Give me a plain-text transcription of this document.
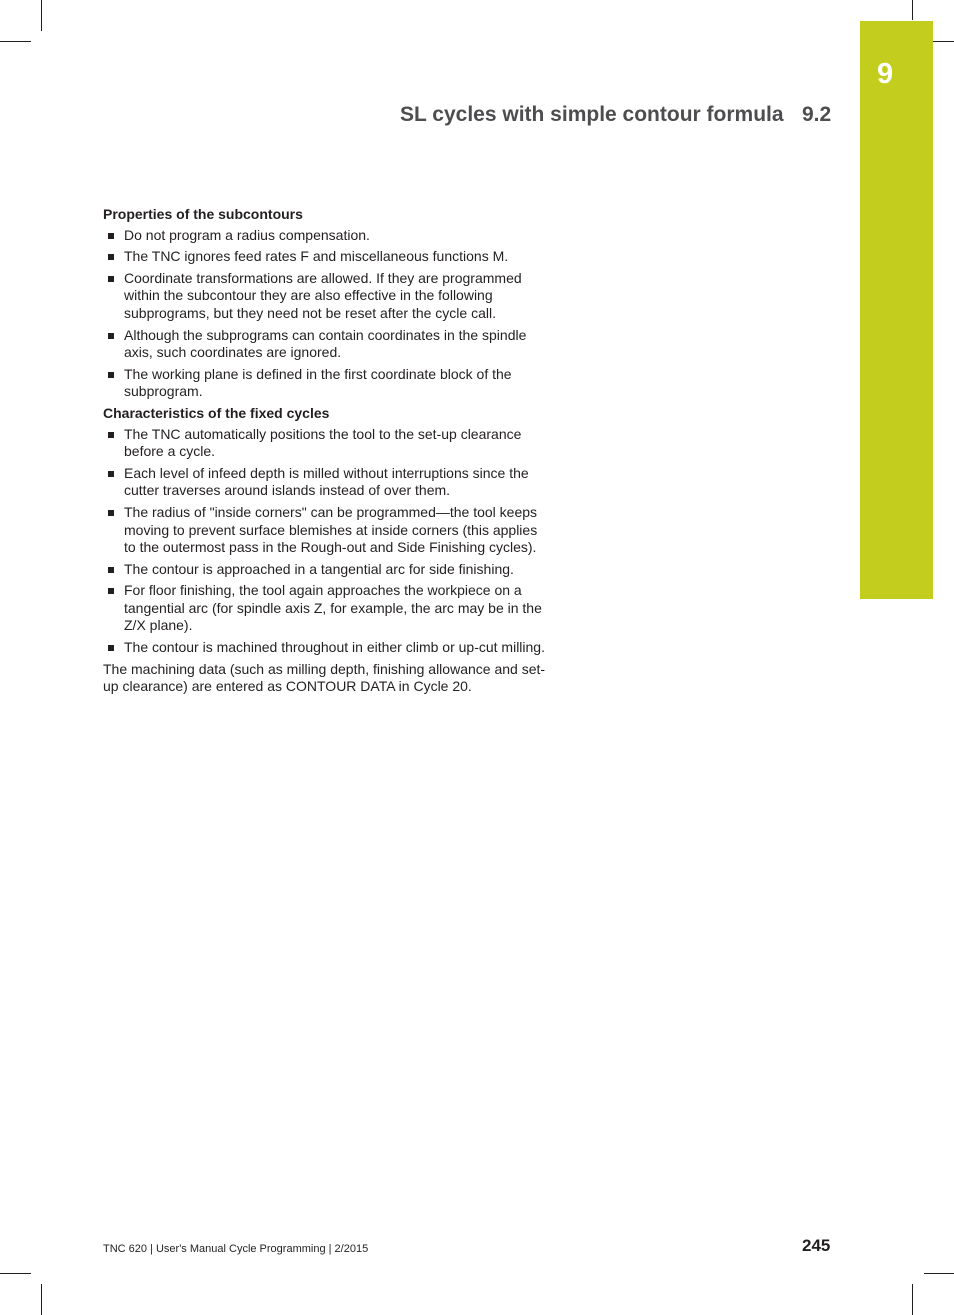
9
SL cycles with simple contour formula 9.2
Properties of the subcontours
Do not program a radius compensation.
The TNC ignores feed rates F and miscellaneous functions M.
Coordinate transformations are allowed. If they are programmed within the subcontour they are also effective in the following subprograms, but they need not be reset after the cycle call.
Although the subprograms can contain coordinates in the spindle axis, such coordinates are ignored.
The working plane is defined in the first coordinate block of the subprogram.
Characteristics of the fixed cycles
The TNC automatically positions the tool to the set-up clearance before a cycle.
Each level of infeed depth is milled without interruptions since the cutter traverses around islands instead of over them.
The radius of "inside corners" can be programmed—the tool keeps moving to prevent surface blemishes at inside corners (this applies to the outermost pass in the Rough-out and Side Finishing cycles).
The contour is approached in a tangential arc for side finishing.
For floor finishing, the tool again approaches the workpiece on a tangential arc (for spindle axis Z, for example, the arc may be in the Z/X plane).
The contour is machined throughout in either climb or up-cut milling.

The machining data (such as milling depth, finishing allowance and set-up clearance) are entered as CONTOUR DATA in Cycle 20.

TNC 620 | User's Manual Cycle Programming | 2/2015	245
